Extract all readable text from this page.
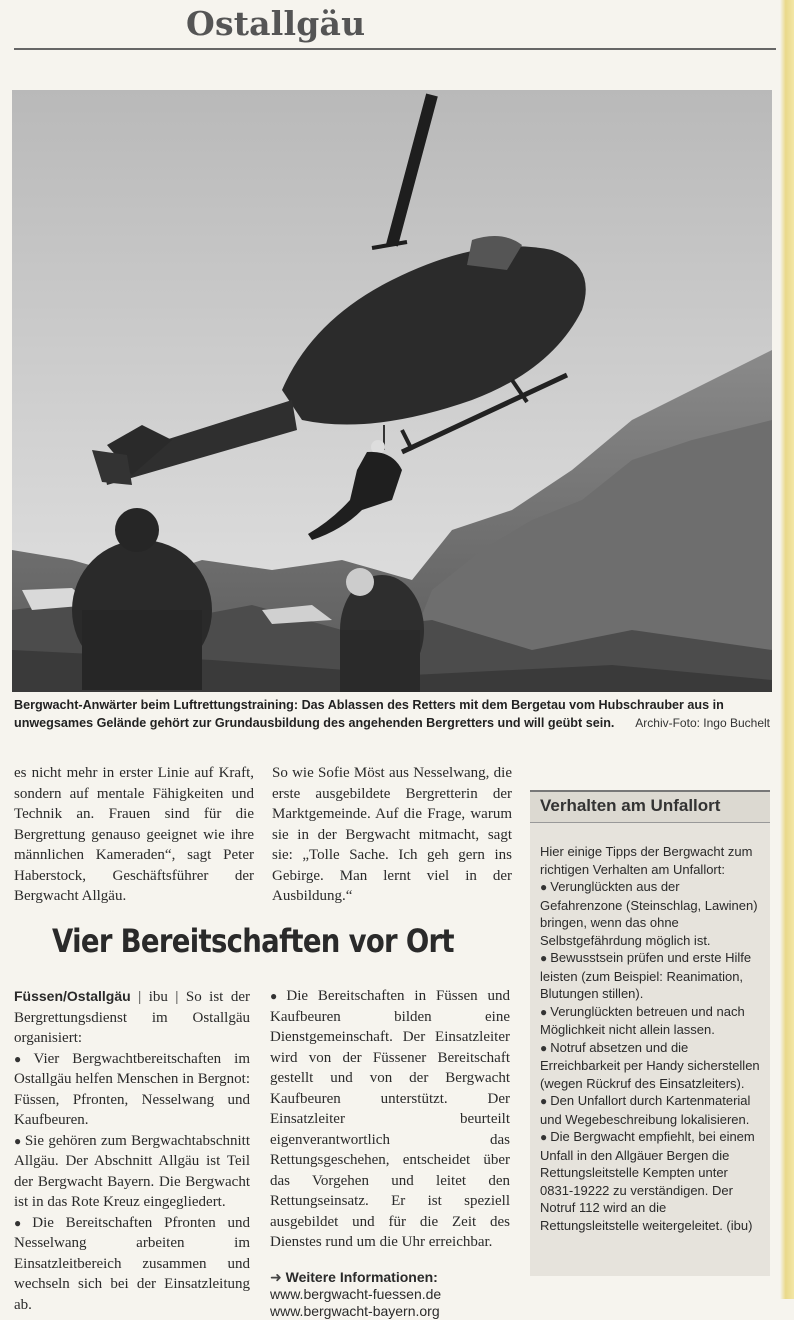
Ostallgäu
Bergwacht-Anwärter beim Luftrettungstraining: Das Ablassen des Retters mit dem Bergetau vom Hubschrauber aus in unwegsames Gelände gehört zur Grundausbildung des angehenden Bergretters und will geübt sein. Archiv-Foto: Ingo Buchelt

es nicht mehr in erster Linie auf Kraft, sondern auf mentale Fähigkeiten und Technik an. Frauen sind für die Bergrettung genauso geeignet wie ihre männlichen Kameraden“, sagt Peter Haberstock, Geschäftsführer der Bergwacht Allgäu.

So wie Sofie Möst aus Nesselwang, die erste ausgebildete Bergretterin der Marktgemeinde. Auf die Frage, warum sie in der Bergwacht mitmacht, sagt sie: „Tolle Sache. Ich geh gern ins Gebirge. Man lernt viel in der Ausbildung.“

Verhalten am Unfallort
Hier einige Tipps der Bergwacht zum richtigen Verhalten am Unfallort:
● Verunglückten aus der Gefahrenzone (Steinschlag, Lawinen) bringen, wenn das ohne Selbstgefährdung möglich ist.
● Bewusstsein prüfen und erste Hilfe leisten (zum Beispiel: Reanimation, Blutungen stillen).
● Verunglückten betreuen und nach Möglichkeit nicht allein lassen.
● Notruf absetzen und die Erreichbarkeit per Handy sicherstellen (wegen Rückruf des Einsatzleiters).
● Den Unfallort durch Kartenmaterial und Wegebeschreibung lokalisieren.
● Die Bergwacht empfiehlt, bei einem Unfall in den Allgäuer Bergen die Rettungsleitstelle Kempten unter 0831-19222 zu verständigen. Der Notruf 112 wird an die Rettungsleitstelle weitergeleitet. (ibu)
Vier Bereitschaften vor Ort

Füssen/Ostallgäu | ibu | So ist der Bergrettungsdienst im Ostallgäu organisiert:

● Vier Bergwachtbereitschaften im Ostallgäu helfen Menschen in Bergnot: Füssen, Pfronten, Nesselwang und Kaufbeuren.

● Sie gehören zum Bergwachtabschnitt Allgäu. Der Abschnitt Allgäu ist Teil der Bergwacht Bayern. Die Bergwacht ist in das Rote Kreuz eingegliedert.

● Die Bereitschaften Pfronten und Nesselwang arbeiten im Einsatzleitbereich zusammen und wechseln sich bei der Einsatzleitung ab.

● Die Bereitschaften in Füssen und Kaufbeuren bilden eine Dienstgemeinschaft. Der Einsatzleiter wird von der Füssener Bereitschaft gestellt und von der Bergwacht Kaufbeuren unterstützt. Der Einsatzleiter beurteilt eigenverantwortlich das Rettungsgeschehen, entscheidet über das Vorgehen und leitet den Rettungseinsatz. Er ist speziell ausgebildet und für die Zeit des Dienstes rund um die Uhr erreichbar.

➜ Weitere Informationen:
www.bergwacht-fuessen.de
www.bergwacht-bayern.org
